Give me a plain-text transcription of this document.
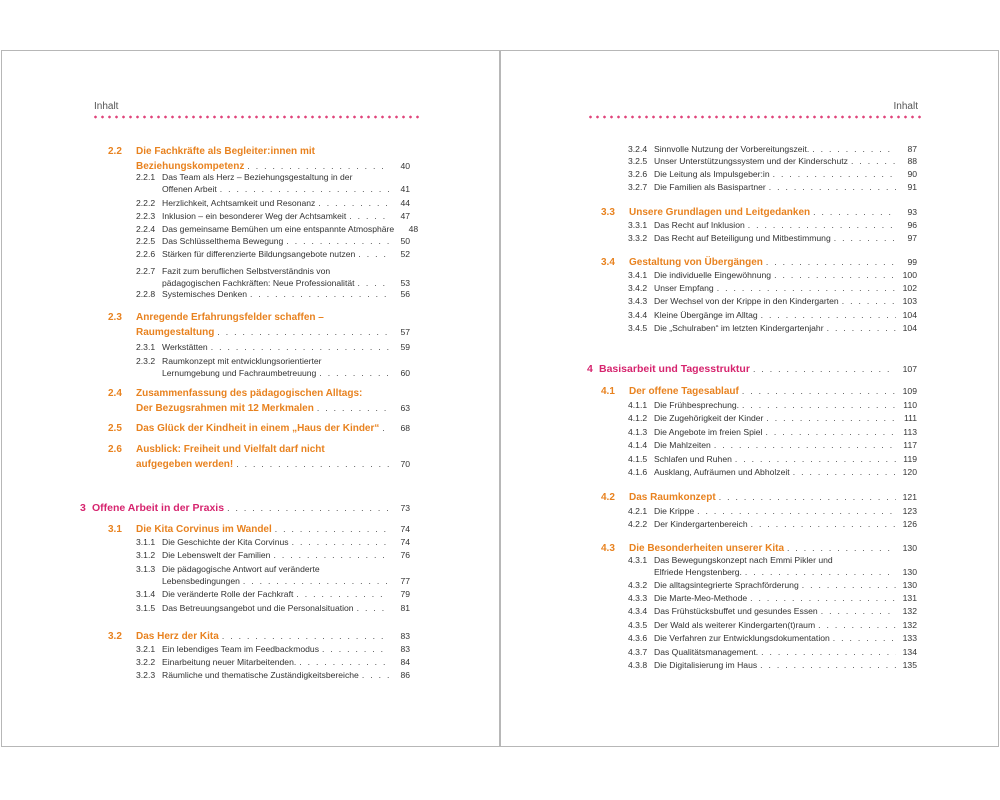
Inhalt
2.2 Die Fachkräfte als Begleiter:innen mit
Beziehungskompetenz . . .	40
2.2.1 Das Team als Herz – Beziehungsgestaltung in der
Offenen Arbeit . . .	41
2.2.2 Herzlichkeit, Achtsamkeit und Resonanz . . .	44
2.2.3 Inklusion – ein besonderer Weg der Achtsamkeit . . .	47
2.2.4 Das gemeinsame Bemühen um eine entspannte Atmosphäre	48
2.2.5 Das Schlüsselthema Bewegung . . .	50
2.2.6 Stärken für differenzierte Bildungsangebote nutzen . . .	52
2.2.7 Fazit zum beruflichen Selbstverständnis von
pädagogischen Fachkräften: Neue Professionalität . . .	53
2.2.8 Systemisches Denken . . .	56
2.3 Anregende Erfahrungsfelder schaffen –
Raumgestaltung . . .	57
2.3.1 Werkstätten . . .	59
2.3.2 Raumkonzept mit entwicklungsorientierter
Lernumgebung und Fachraumbetreuung . . .	60
2.4 Zusammenfassung des pädagogischen Alltags:
Der Bezugsrahmen mit 12 Merkmalen . . .	63
2.5 Das Glück der Kindheit in einem „Haus der Kinder“ . . .	68
2.6 Ausblick: Freiheit und Vielfalt darf nicht
aufgegeben werden! . . .	70
3 Offene Arbeit in der Praxis . . .	73
3.1 Die Kita Corvinus im Wandel . . .	74
3.1.1 Die Geschichte der Kita Corvinus . . .	74
3.1.2 Die Lebenswelt der Familien . . .	76
3.1.3 Die pädagogische Antwort auf veränderte
Lebensbedingungen . . .	77
3.1.4 Die veränderte Rolle der Fachkraft . . .	79
3.1.5 Das Betreuungsangebot und die Personalsituation . . .	81
3.2 Das Herz der Kita . . .	83
3.2.1 Ein lebendiges Team im Feedbackmodus . . .	83
3.2.2 Einarbeitung neuer Mitarbeitenden. . . .	84
3.2.3 Räumliche und thematische Zuständigkeitsbereiche . . .	86
Inhalt
3.2.4 Sinnvolle Nutzung der Vorbereitungszeit. . . .	87
3.2.5 Unser Unterstützungssystem und der Kinderschutz . . .	88
3.2.6 Die Leitung als Impulsgeber:in . . .	90
3.2.7 Die Familien als Basispartner . . .	91
3.3 Unsere Grundlagen und Leitgedanken . . .	93
3.3.1 Das Recht auf Inklusion . . .	96
3.3.2 Das Recht auf Beteiligung und Mitbestimmung . . .	97
3.4 Gestaltung von Übergängen . . .	99
3.4.1 Die individuelle Eingewöhnung . . .	100
3.4.2 Unser Empfang . . .	102
3.4.3 Der Wechsel von der Krippe in den Kindergarten . . .	103
3.4.4 Kleine Übergänge im Alltag . . .	104
3.4.5 Die „Schulraben“ im letzten Kindergartenjahr . . .	104
4 Basisarbeit und Tagesstruktur . . .	107
4.1 Der offene Tagesablauf . . .	109
4.1.1 Die Frühbesprechung. . . .	110
4.1.2 Die Zugehörigkeit der Kinder . . .	111
4.1.3 Die Angebote im freien Spiel . . .	113
4.1.4 Die Mahlzeiten . . .	117
4.1.5 Schlafen und Ruhen . . .	119
4.1.6 Ausklang, Aufräumen und Abholzeit . . .	120
4.2 Das Raumkonzept . . .	121
4.2.1 Die Krippe . . .	123
4.2.2 Der Kindergartenbereich . . .	126
4.3 Die Besonderheiten unserer Kita . . .	130
4.3.1 Das Bewegungskonzept nach Emmi Pikler und
Elfriede Hengstenberg. . . .	130
4.3.2 Die alltagsintegrierte Sprachförderung . . .	130
4.3.3 Die Marte-Meo-Methode . . .	131
4.3.4 Das Frühstücksbuffet und gesundes Essen . . .	132
4.3.5 Der Wald als weiterer Kindergarten(t)raum . . .	132
4.3.6 Die Verfahren zur Entwicklungsdokumentation . . .	133
4.3.7 Das Qualitätsmanagement. . . .	134
4.3.8 Die Digitalisierung im Haus . . .	135
